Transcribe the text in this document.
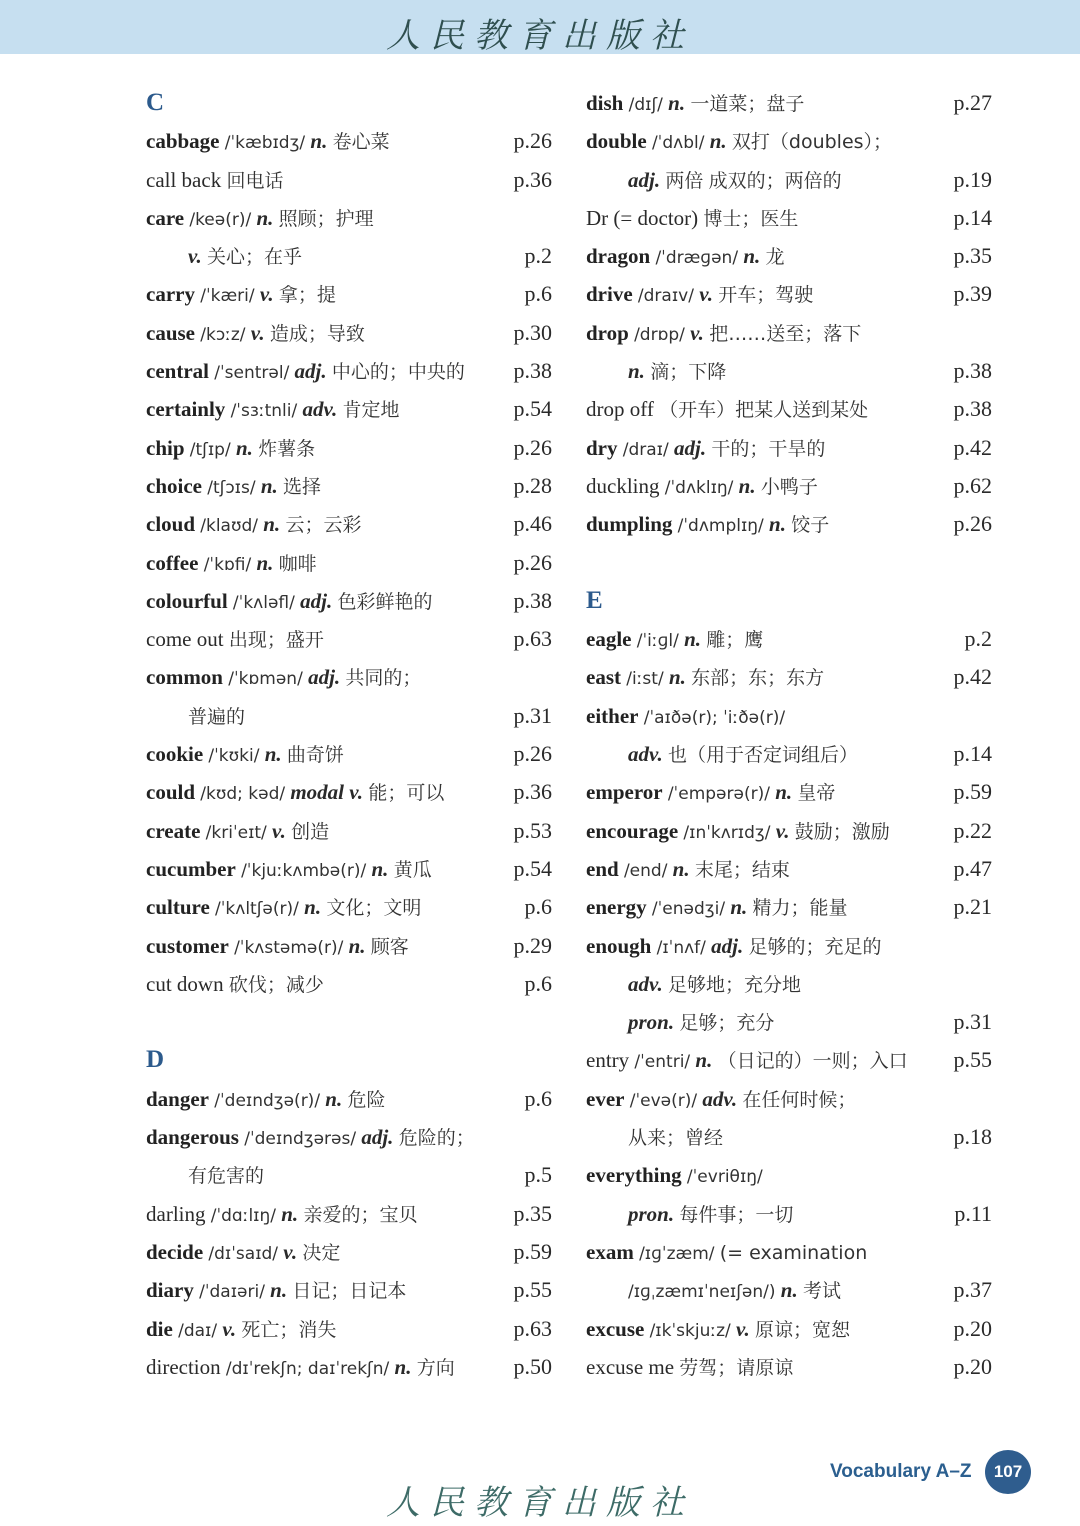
人民教育出版社
C
cabbage /ˈkæbɪdʒ/ n. 卷心菜	p.26
call back 回电话	p.36
care /keə(r)/ n. 照顾；护理
v. 关心；在乎	p.2
carry /ˈkæri/ v. 拿；提	p.6
cause /kɔːz/ v. 造成；导致	p.30
central /ˈsentrəl/ adj. 中心的；中央的 p.38
certainly /ˈsɜːtnli/ adv. 肯定地	p.54
chip /tʃɪp/ n. 炸薯条	p.26
choice /tʃɔɪs/ n. 选择	p.28
cloud /klaʊd/ n. 云；云彩	p.46
coffee /ˈkɒfi/ n. 咖啡	p.26
colourful /ˈkʌləfl/ adj. 色彩鲜艳的	p.38
come out 出现；盛开	p.63
common /ˈkɒmən/ adj. 共同的；
普遍的	p.31
cookie /ˈkʊki/ n. 曲奇饼	p.26
could /kʊd; kəd/ modal v. 能；可以	p.36
create /kriˈeɪt/ v. 创造	p.53
cucumber /ˈkjuːkʌmbə(r)/ n. 黄瓜	p.54
culture /ˈkʌltʃə(r)/ n. 文化；文明	p.6
customer /ˈkʌstəmə(r)/ n. 顾客	p.29
cut down 砍伐；减少	p.6
D
danger /ˈdeɪndʒə(r)/ n. 危险	p.6
dangerous /ˈdeɪndʒərəs/ adj. 危险的；
有危害的	p.5
darling /ˈdɑːlɪŋ/ n. 亲爱的；宝贝	p.35
decide /dɪˈsaɪd/ v. 决定	p.59
diary /ˈdaɪəri/ n. 日记；日记本	p.55
die /daɪ/ v. 死亡；消失	p.63
direction /dɪˈrekʃn; daɪˈrekʃn/ n. 方向	p.50
dish /dɪʃ/ n. 一道菜；盘子	p.27
double /ˈdʌbl/ n. 双打（doubles）；
adj. 两倍 成双的；两倍的	p.19
Dr (= doctor) 博士；医生	p.14
dragon /ˈdræɡən/ n. 龙	p.35
drive /draɪv/ v. 开车；驾驶	p.39
drop /drɒp/ v. 把……送至；落下
n. 滴；下降	p.38
drop off （开车）把某人送到某处	p.38
dry /draɪ/ adj. 干的；干旱的	p.42
duckling /ˈdʌklɪŋ/ n. 小鸭子	p.62
dumpling /ˈdʌmplɪŋ/ n. 饺子	p.26
E
eagle /ˈiːɡl/ n. 雕；鹰	p.2
east /iːst/ n. 东部；东；东方	p.42
either /ˈaɪðə(r); ˈiːðə(r)/
adv. 也（用于否定词组后）	p.14
emperor /ˈempərə(r)/ n. 皇帝	p.59
encourage /ɪnˈkʌrɪdʒ/ v. 鼓励；激励	p.22
end /end/ n. 末尾；结束	p.47
energy /ˈenədʒi/ n. 精力；能量	p.21
enough /ɪˈnʌf/ adj. 足够的；充足的
adv. 足够地；充分地
pron. 足够；充分	p.31
entry /ˈentri/ n. （日记的）一则；入口 p.55
ever /ˈevə(r)/ adv. 在任何时候；
从来；曾经	p.18
everything /ˈevriθɪŋ/
pron. 每件事；一切	p.11
exam /ɪɡˈzæm/ (= examination
/ɪɡˌzæmɪˈneɪʃən/) n. 考试	p.37
excuse /ɪkˈskjuːz/ v. 原谅；宽恕	p.20
excuse me 劳驾；请原谅	p.20
人民教育出版社
Vocabulary A–Z	107
